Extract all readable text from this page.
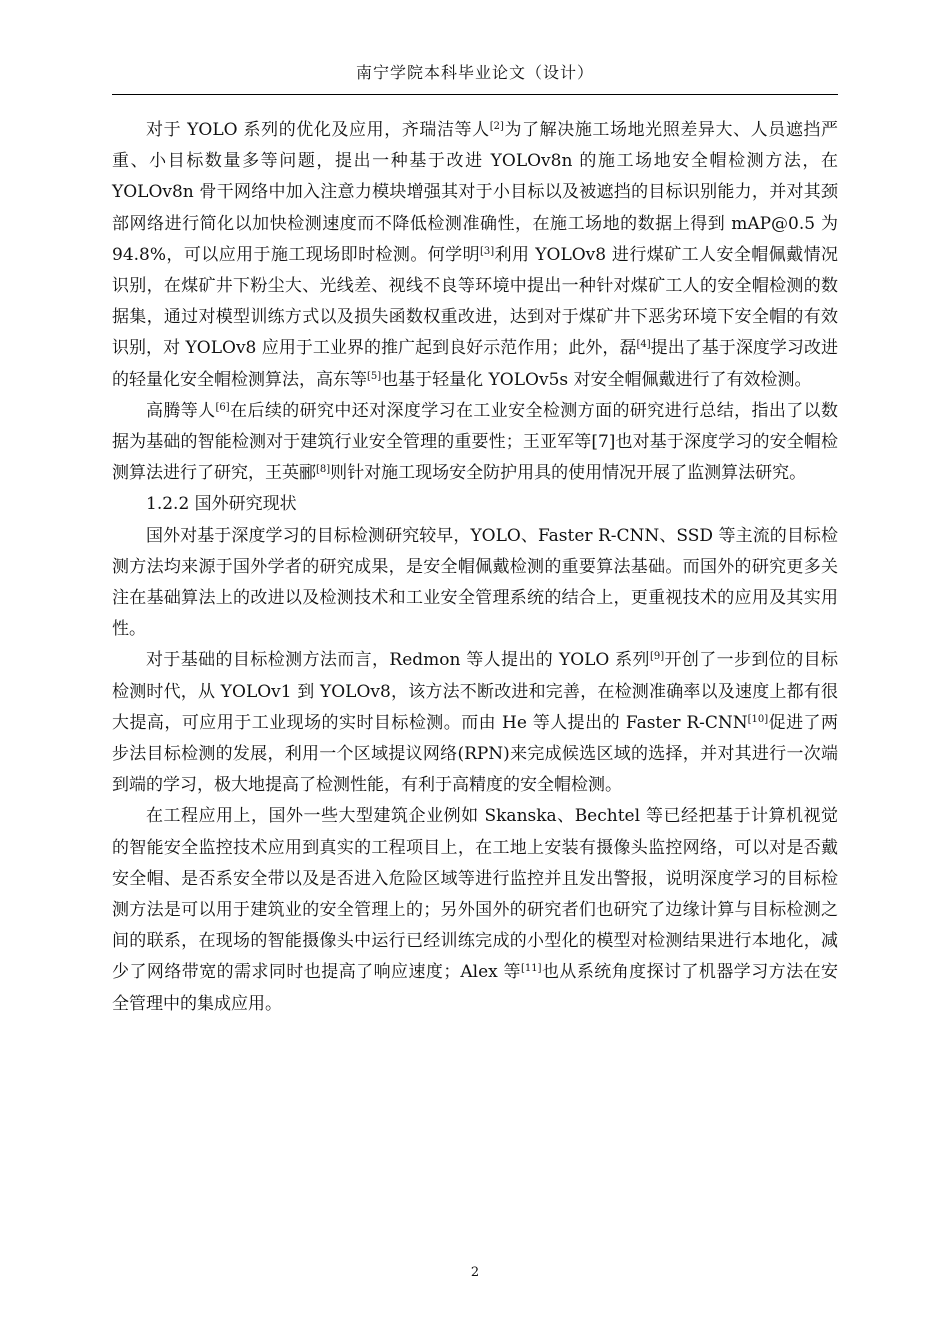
南宁学院本科毕业论文（设计）

对于 YOLO 系列的优化及应用，齐瑞洁等人[2]为了解决施工场地光照差异大、人员遮挡严重、小目标数量多等问题，提出一种基于改进 YOLOv8n 的施工场地安全帽检测方法，在 YOLOv8n 骨干网络中加入注意力模块增强其对于小目标以及被遮挡的目标识别能力，并对其颈部网络进行简化以加快检测速度而不降低检测准确性，在施工场地的数据上得到 mAP@0.5 为 94.8%，可以应用于施工现场即时检测。何学明[3]利用 YOLOv8 进行煤矿工人安全帽佩戴情况识别，在煤矿井下粉尘大、光线差、视线不良等环境中提出一种针对煤矿工人的安全帽检测的数据集，通过对模型训练方式以及损失函数权重改进，达到对于煤矿井下恶劣环境下安全帽的有效识别，对 YOLOv8 应用于工业界的推广起到良好示范作用；此外，磊[4]提出了基于深度学习改进的轻量化安全帽检测算法，高东等[5]也基于轻量化 YOLOv5s 对安全帽佩戴进行了有效检测。

高腾等人[6]在后续的研究中还对深度学习在工业安全检测方面的研究进行总结，指出了以数据为基础的智能检测对于建筑行业安全管理的重要性；王亚军等[7]也对基于深度学习的安全帽检测算法进行了研究，王英郦[8]则针对施工现场安全防护用具的使用情况开展了监测算法研究。

1.2.2 国外研究现状

国外对基于深度学习的目标检测研究较早，YOLO、Faster R-CNN、SSD 等主流的目标检测方法均来源于国外学者的研究成果，是安全帽佩戴检测的重要算法基础。而国外的研究更多关注在基础算法上的改进以及检测技术和工业安全管理系统的结合上，更重视技术的应用及其实用性。

对于基础的目标检测方法而言，Redmon 等人提出的 YOLO 系列[9]开创了一步到位的目标检测时代，从 YOLOv1 到 YOLOv8，该方法不断改进和完善，在检测准确率以及速度上都有很大提高，可应用于工业现场的实时目标检测。而由 He 等人提出的 Faster R-CNN[10]促进了两步法目标检测的发展，利用一个区域提议网络(RPN)来完成候选区域的选择，并对其进行一次端到端的学习，极大地提高了检测性能，有利于高精度的安全帽检测。

在工程应用上，国外一些大型建筑企业例如 Skanska、Bechtel 等已经把基于计算机视觉的智能安全监控技术应用到真实的工程项目上，在工地上安装有摄像头监控网络，可以对是否戴安全帽、是否系安全带以及是否进入危险区域等进行监控并且发出警报，说明深度学习的目标检测方法是可以用于建筑业的安全管理上的；另外国外的研究者们也研究了边缘计算与目标检测之间的联系，在现场的智能摄像头中运行已经训练完成的小型化的模型对检测结果进行本地化，减少了网络带宽的需求同时也提高了响应速度；Alex 等[11]也从系统角度探讨了机器学习方法在安全管理中的集成应用。

2
